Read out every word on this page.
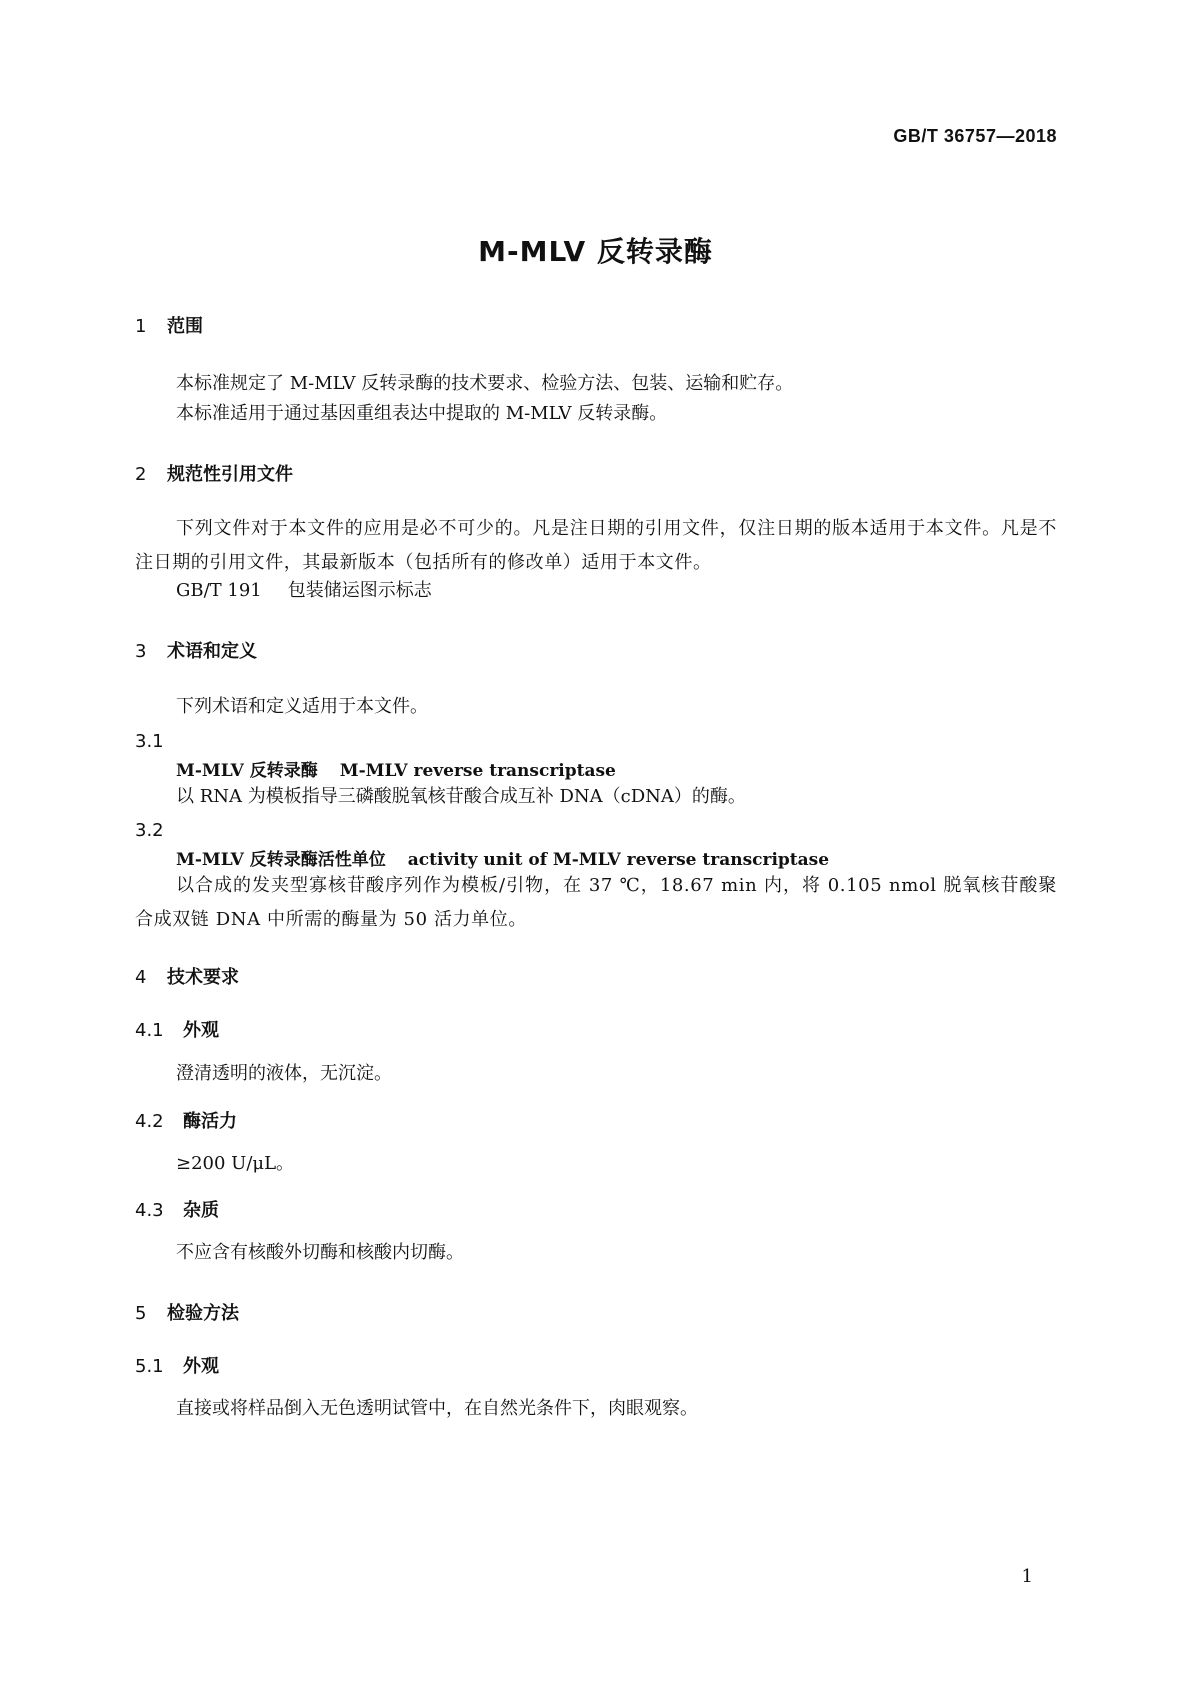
GB/T 36757—2018
M-MLV 反转录酶
1 范围
本标准规定了 M-MLV 反转录酶的技术要求、检验方法、包装、运输和贮存。
本标准适用于通过基因重组表达中提取的 M-MLV 反转录酶。
2 规范性引用文件
下列文件对于本文件的应用是必不可少的。凡是注日期的引用文件，仅注日期的版本适用于本文件。凡是不注日期的引用文件，其最新版本（包括所有的修改单）适用于本文件。
GB/T 191 包装储运图示标志
3 术语和定义
下列术语和定义适用于本文件。
3.1
M-MLV 反转录酶 M-MLV reverse transcriptase
以 RNA 为模板指导三磷酸脱氧核苷酸合成互补 DNA（cDNA）的酶。
3.2
M-MLV 反转录酶活性单位 activity unit of M-MLV reverse transcriptase
以合成的发夹型寡核苷酸序列作为模板/引物，在 37 ℃，18.67 min 内，将 0.105 nmol 脱氧核苷酸聚合成双链 DNA 中所需的酶量为 50 活力单位。
4 技术要求
4.1 外观
澄清透明的液体，无沉淀。
4.2 酶活力
≥200 U/μL。
4.3 杂质
不应含有核酸外切酶和核酸内切酶。
5 检验方法
5.1 外观
直接或将样品倒入无色透明试管中，在自然光条件下，肉眼观察。
1
